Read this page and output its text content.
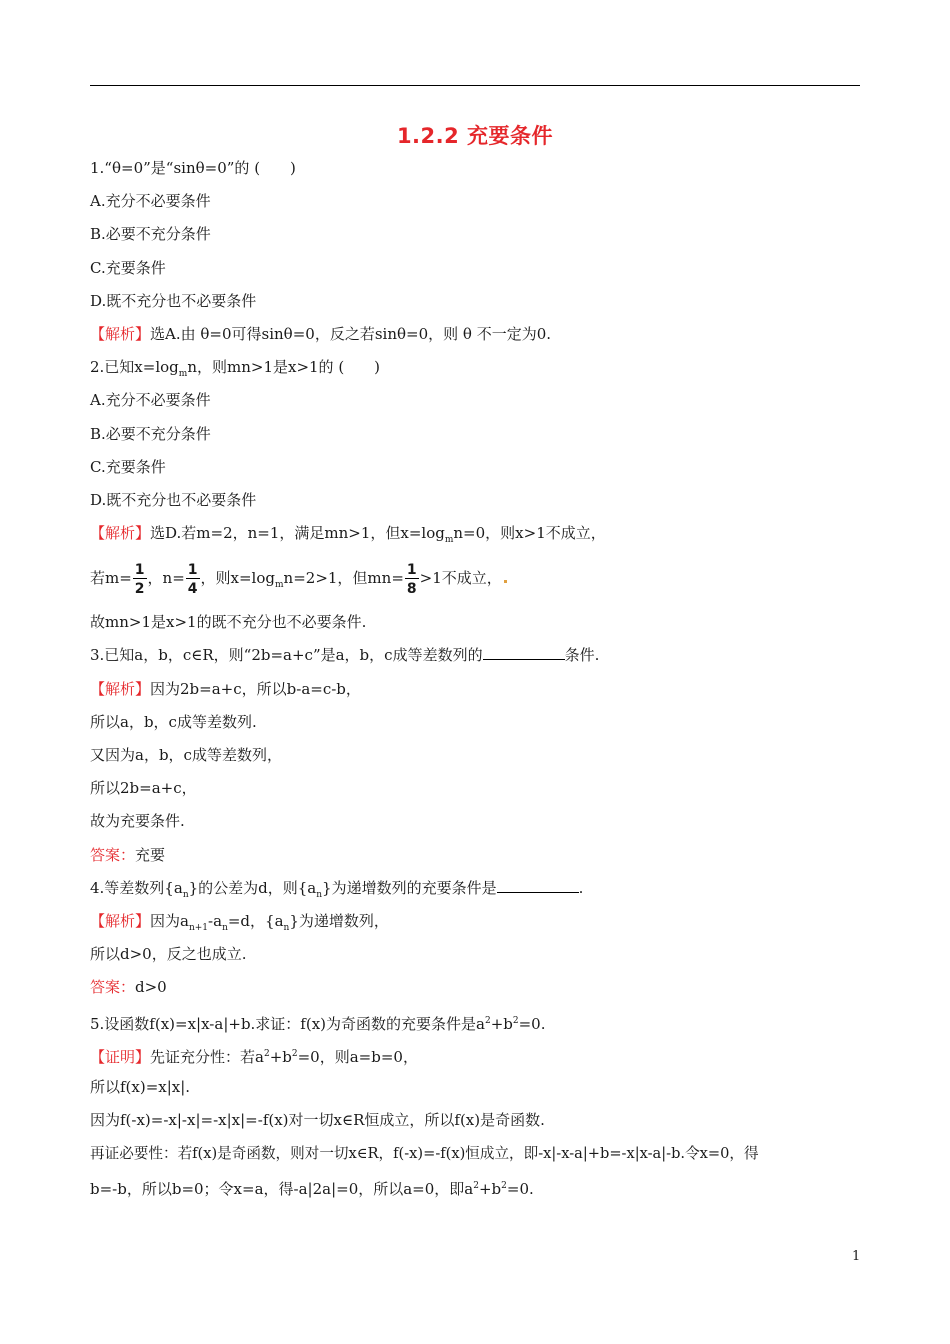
1.2.2 充要条件
1.“θ=0”是“sinθ=0”的 (　　)
A.充分不必要条件
B.必要不充分条件
C.充要条件
D.既不充分也不必要条件
【解析】选A.由 θ=0可得sinθ=0，反之若sinθ=0，则 θ 不一定为0.
2.已知$x=\log_mn$，则mn>1是x>1的 (　　)
A.充分不必要条件
B.必要不充分条件
C.充要条件
D.既不充分也不必要条件
【解析】选D.若m=2，n=1，满足mn>1，但$x=\log_mn=0$，则x>1不成立，
若$m= \frac{1}{2}$ ，$n= \frac{1}{4}$ ，则$x=\log_mn=2>1$，但$mn= \frac{1}{8} >1$不成立，
故mn>1是x>1的既不充分也不必要条件.
3.已知a，b，c∈R，则“2b=a+c”是a，b，c成等差数列的	条件.
【解析】因为2b=a+c，所以b-a=c-b，
所以a，b，c成等差数列.
又因为a，b，c成等差数列，
所以2b=a+c，
故为充要条件.
答案：充要
4.等差数列$\{a_n\}$的公差为d，则$\{a_n\}$为递增数列的充要条件是	.
【解析】因为$a_{n+1}-a_n=d$，$\{a_n\}$为递增数列，
所以d>0，反之也成立.
答案：d>0
5.设函数f(x)=x|x-a|+b.求证：f(x)为奇函数的充要条件是$a^2+b^2=0$.
【证明】先证充分性：若$a^2+b^2=0$，则a=b=0，
所以f(x)=x|x|.
因为f(-x)=-x|-x|=-x|x|=-f(x)对一切x∈R恒成立，所以f(x)是奇函数.
再证必要性：若f(x)是奇函数，则对一切x∈R，f(-x)=-f(x)恒成立，即-x|-x-a|+b=-x|x-a|-b.令x=0，得
b=-b，所以b=0；令x=a，得-a|2a|=0，所以a=0，即$a^2+b^2=0$.
1
